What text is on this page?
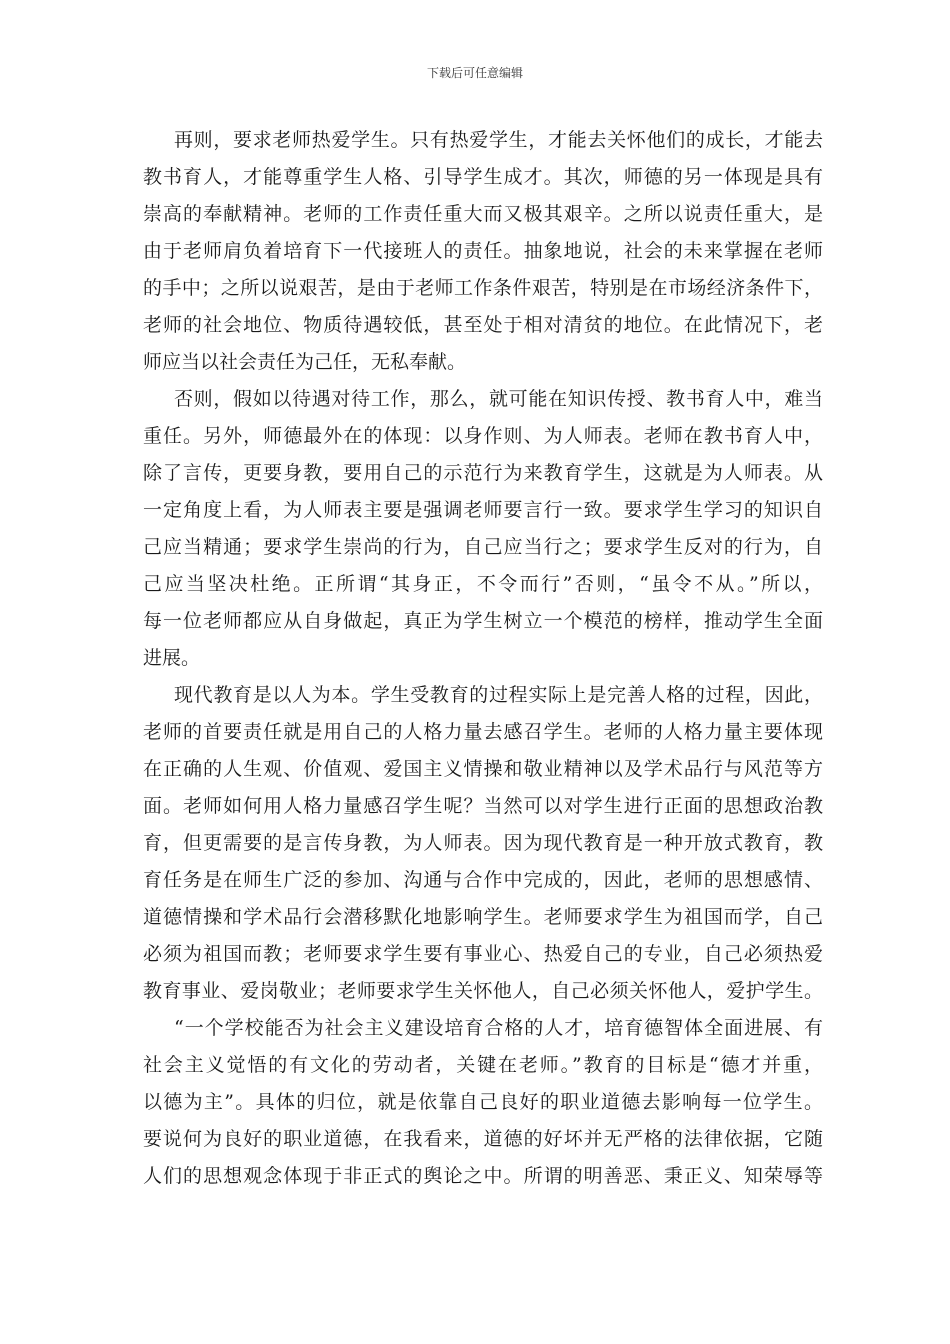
下载后可任意编辑
再则，要求老师热爱学生。只有热爱学生，才能去关怀他们的成长，才能去
教书育人，才能尊重学生人格、引导学生成才。其次，师德的另一体现是具有
崇高的奉献精神。老师的工作责任重大而又极其艰辛。之所以说责任重大，是
由于老师肩负着培育下一代接班人的责任。抽象地说，社会的未来掌握在老师
的手中；之所以说艰苦，是由于老师工作条件艰苦，特别是在市场经济条件下，
老师的社会地位、物质待遇较低，甚至处于相对清贫的地位。在此情况下，老
师应当以社会责任为己任，无私奉献。
否则，假如以待遇对待工作，那么，就可能在知识传授、教书育人中，难当
重任。另外，师德最外在的体现：以身作则、为人师表。老师在教书育人中，
除了言传，更要身教，要用自己的示范行为来教育学生，这就是为人师表。从
一定角度上看，为人师表主要是强调老师要言行一致。要求学生学习的知识自
己应当精通；要求学生崇尚的行为，自己应当行之；要求学生反对的行为，自
己应当坚决杜绝。正所谓“其身正，不令而行”否则，“虽令不从。”所以，
每一位老师都应从自身做起，真正为学生树立一个模范的榜样，推动学生全面
进展。
现代教育是以人为本。学生受教育的过程实际上是完善人格的过程，因此，
老师的首要责任就是用自己的人格力量去感召学生。老师的人格力量主要体现
在正确的人生观、价值观、爱国主义情操和敬业精神以及学术品行与风范等方
面。老师如何用人格力量感召学生呢？当然可以对学生进行正面的思想政治教
育，但更需要的是言传身教，为人师表。因为现代教育是一种开放式教育，教
育任务是在师生广泛的参加、沟通与合作中完成的，因此，老师的思想感情、
道德情操和学术品行会潜移默化地影响学生。老师要求学生为祖国而学，自己
必须为祖国而教；老师要求学生要有事业心、热爱自己的专业，自己必须热爱
教育事业、爱岗敬业；老师要求学生关怀他人，自己必须关怀他人，爱护学生。
“一个学校能否为社会主义建设培育合格的人才，培育德智体全面进展、有
社会主义觉悟的有文化的劳动者，关键在老师。”教育的目标是“德才并重，
以德为主”。具体的归位，就是依靠自己良好的职业道德去影响每一位学生。
要说何为良好的职业道德，在我看来，道德的好坏并无严格的法律依据，它随
人们的思想观念体现于非正式的舆论之中。所谓的明善恶、秉正义、知荣辱等
